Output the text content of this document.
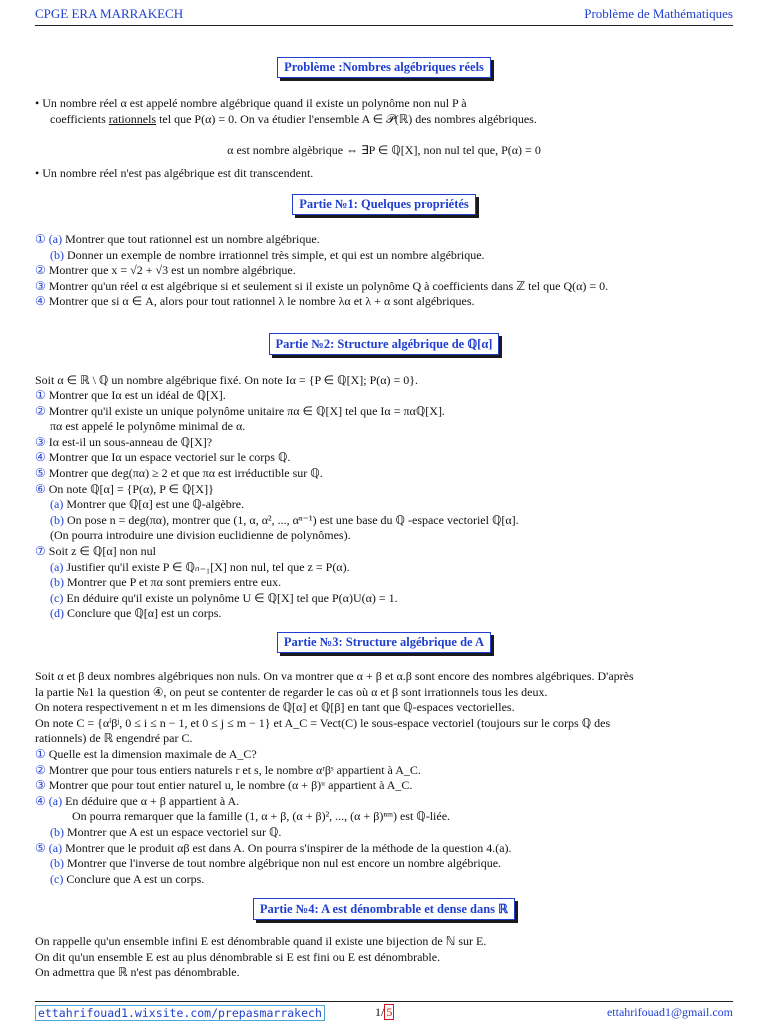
CPGE ERA MARRAKECH	Problème de Mathématiques
Problème :Nombres algébriques réels
• Un nombre réel α est appelé nombre algébrique quand il existe un polynôme non nul P à
coefficients rationnels tel que P(α) = 0. On va étudier l'ensemble A ∈ 𝒫(ℝ) des nombres algébriques.
α est nombre algèbrique ⇔ ∃P ∈ ℚ[X], non nul tel que, P(α) = 0
• Un nombre réel n'est pas algébrique est dit transcendent.
Partie №1: Quelques propriétés
① (a) Montrer que tout rationnel est un nombre algébrique.
(b) Donner un exemple de nombre irrationnel très simple, et qui est un nombre algébrique.
② Montrer que x = √2 + √3 est un nombre algébrique.
③ Montrer qu'un réel α est algébrique si et seulement si il existe un polynôme Q à coefficients dans ℤ tel que Q(α) = 0.
④ Montrer que si α ∈ A, alors pour tout rationnel λ le nombre λα et λ + α sont algébriques.
Partie №2: Structure algébrique de ℚ[α]
Soit α ∈ ℝ \ ℚ un nombre algébrique fixé. On note Iα = {P ∈ ℚ[X]; P(α) = 0}.
① Montrer que Iα est un idéal de ℚ[X].
② Montrer qu'il existe un unique polynôme unitaire πα ∈ ℚ[X] tel que Iα = παℚ[X].
πα est appelé le polynôme minimal de α.
③ Iα est-il un sous-anneau de ℚ[X]?
④ Montrer que Iα un espace vectoriel sur le corps ℚ.
⑤ Montrer que deg(πα) ≥ 2 et que πα est irréductible sur ℚ.
⑥ On note ℚ[α] = {P(α), P ∈ ℚ[X]}
(a) Montrer que ℚ[α] est une ℚ-algèbre.
(b) On pose n = deg(πα), montrer que (1, α, α², ..., αⁿ⁻¹) est une base du ℚ -espace vectoriel ℚ[α].
(On pourra introduire une division euclidienne de polynômes).
⑦ Soit z ∈ ℚ[α] non nul
(a) Justifier qu'il existe P ∈ ℚₙ₋₁[X] non nul, tel que z = P(α).
(b) Montrer que P et πα sont premiers entre eux.
(c) En déduire qu'il existe un polynôme U ∈ ℚ[X] tel que P(α)U(α) = 1.
(d) Conclure que ℚ[α] est un corps.
Partie №3: Structure algébrique de A
Soit α et β deux nombres algébriques non nuls. On va montrer que α + β et α.β sont encore des nombres algébriques. D'après
la partie №1 la question ④, on peut se contenter de regarder le cas où α et β sont irrationnels tous les deux.
On notera respectivement n et m les dimensions de ℚ[α] et ℚ[β] en tant que ℚ-espaces vectorielles.
On note C = {αⁱβʲ, 0 ≤ i ≤ n − 1, et 0 ≤ j ≤ m − 1} et A_C = Vect(C) le sous-espace vectoriel (toujours sur le corps ℚ des
rationnels) de ℝ engendré par C.
① Quelle est la dimension maximale de A_C?
② Montrer que pour tous entiers naturels r et s, le nombre αʳβˢ appartient à A_C.
③ Montrer que pour tout entier naturel u, le nombre (α + β)ᵘ appartient à A_C.
④ (a) En déduire que α + β appartient à A.
On pourra remarquer que la famille (1, α + β, (α + β)², ..., (α + β)ⁿᵐ) est ℚ-liée.
(b) Montrer que A est un espace vectoriel sur ℚ.
⑤ (a) Montrer que le produit αβ est dans A. On pourra s'inspirer de la méthode de la question 4.(a).
(b) Montrer que l'inverse de tout nombre algébrique non nul est encore un nombre algébrique.
(c) Conclure que A est un corps.
Partie №4: A est dénombrable et dense dans ℝ
On rappelle qu'un ensemble infini E est dénombrable quand il existe une bijection de ℕ sur E.
On dit qu'un ensemble E est au plus dénombrable si E est fini ou E est dénombrable.
On admettra que ℝ n'est pas dénombrable.
ettahrifouad1.wixsite.com/prepasmarrakech	1/ 5	ettahrifouad1@gmail.com
